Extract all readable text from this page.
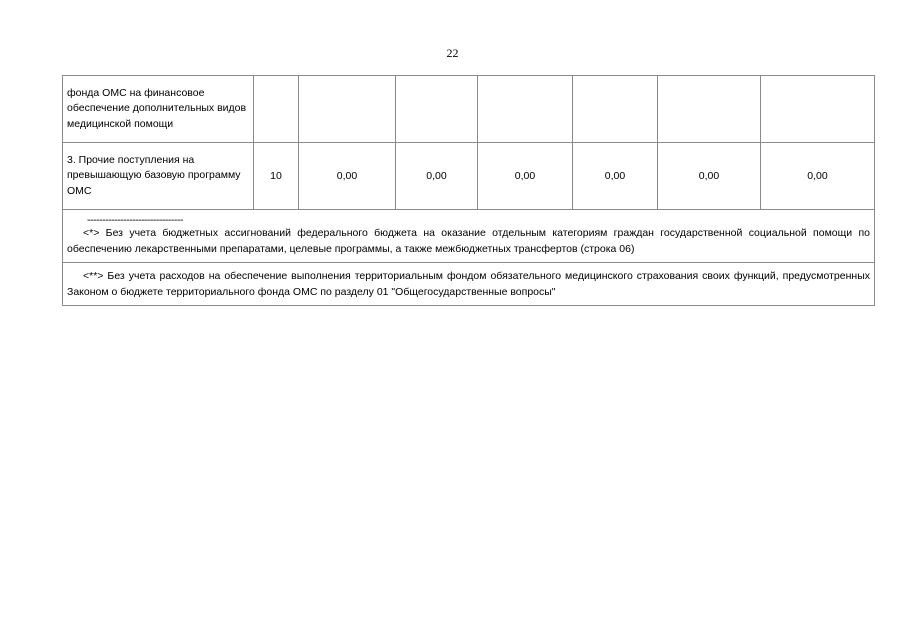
22
фонда ОМС на финансовое обеспечение дополнительных видов медицинской помощи							
3. Прочие поступления на превышающую базовую программу ОМС	10	0,00	0,00	0,00	0,00	0,00	0,00

--------------------------------
<*> Без учета бюджетных ассигнований федерального бюджета на оказание отдельным категориям граждан государственной социальной помощи по обеспечению лекарственными препаратами, целевые программы, а также межбюджетных трансфертов (строка 06)							
<**> Без учета расходов на обеспечение выполнения территориальным фондом обязательного медицинского страхования своих функций, предусмотренных Законом о бюджете территориального фонда ОМС по разделу 01 "Общегосударственные вопросы"							
